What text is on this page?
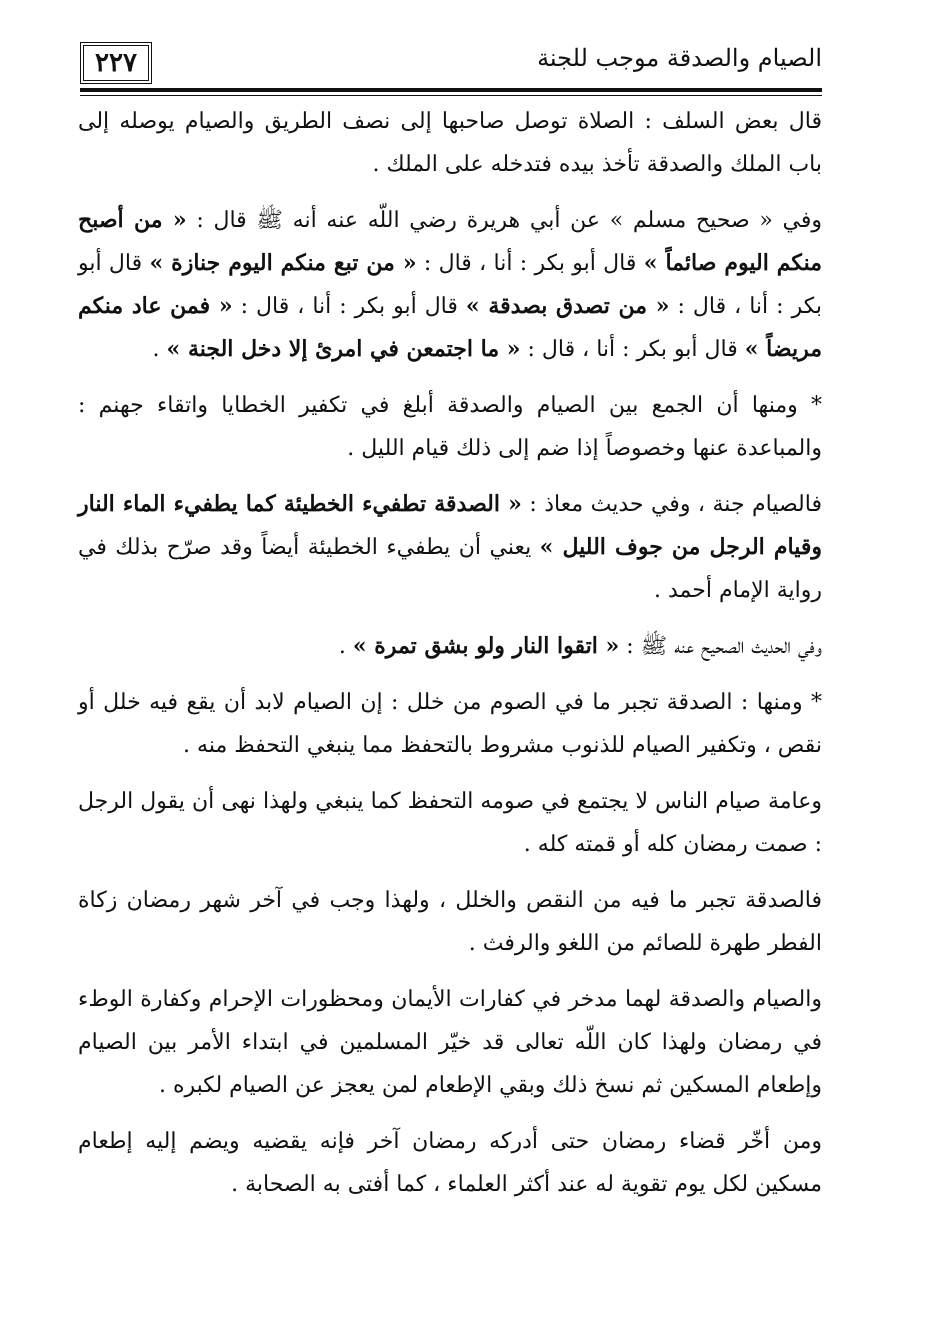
٢٢٧	الصيام والصدقة موجب للجنة

قال بعض السلف : الصلاة توصل صاحبها إلى نصف الطريق والصيام يوصله إلى باب الملك والصدقة تأخذ بيده فتدخله على الملك .

وفي « صحيح مسلم » عن أبي هريرة رضي اللّه عنه أنه ﷺ قال : « من أصبح منكم اليوم صائماً » قال أبو بكر : أنا ، قال : « من تبع منكم اليوم جنازة » قال أبو بكر : أنا ، قال : « من تصدق بصدقة » قال أبو بكر : أنا ، قال : « فمن عاد منكم مريضاً » قال أبو بكر : أنا ، قال : « ما اجتمعن في امرئ إلا دخل الجنة » .

* ومنها أن الجمع بين الصيام والصدقة أبلغ في تكفير الخطايا واتقاء جهنم : والمباعدة عنها وخصوصاً إذا ضم إلى ذلك قيام الليل .

فالصيام جنة ، وفي حديث معاذ : « الصدقة تطفيء الخطيئة كما يطفيء الماء النار وقيام الرجل من جوف الليل » يعني أن يطفيء الخطيئة أيضاً وقد صرّح بذلك في رواية الإمام أحمد .

وفي الحديث الصحيح عنه ﷺ : « اتقوا النار ولو بشق تمرة » .

* ومنها : الصدقة تجبر ما في الصوم من خلل : إن الصيام لابد أن يقع فيه خلل أو نقص ، وتكفير الصيام للذنوب مشروط بالتحفظ مما ينبغي التحفظ منه .

وعامة صيام الناس لا يجتمع في صومه التحفظ كما ينبغي ولهذا نهى أن يقول الرجل : صمت رمضان كله أو قمته كله .

فالصدقة تجبر ما فيه من النقص والخلل ، ولهذا وجب في آخر شهر رمضان زكاة الفطر طهرة للصائم من اللغو والرفث .

والصيام والصدقة لهما مدخر في كفارات الأيمان ومحظورات الإحرام وكفارة الوطء في رمضان ولهذا كان اللّه تعالى قد خيّر المسلمين في ابتداء الأمر بين الصيام وإطعام المسكين ثم نسخ ذلك وبقي الإطعام لمن يعجز عن الصيام لكبره .

ومن أخّر قضاء رمضان حتى أدركه رمضان آخر فإنه يقضيه ويضم إليه إطعام مسكين لكل يوم تقوية له عند أكثر العلماء ، كما أفتى به الصحابة .
